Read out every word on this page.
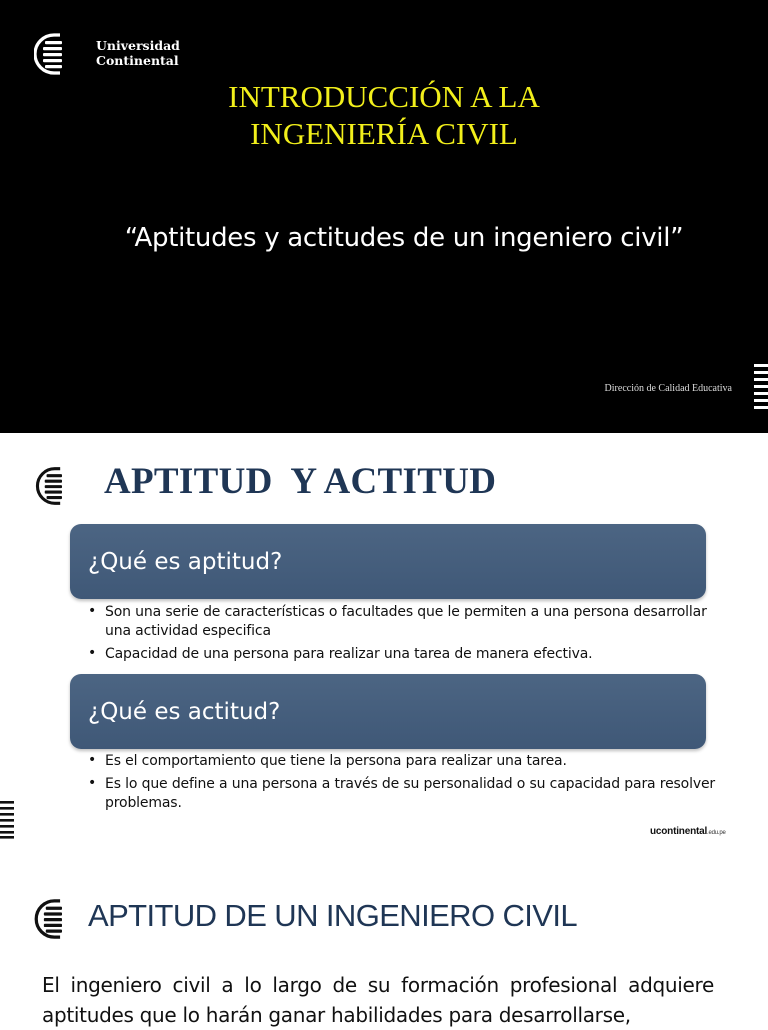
Universidad
Continental
INTRODUCCIÓN A LA
INGENIERÍA CIVIL
“Aptitudes y actitudes de un ingeniero civil”
Dirección de Calidad Educativa
APTITUD  Y ACTITUD
¿Qué es aptitud?
• Son una serie de características o facultades que le permiten a una persona desarrollar una actividad especifica
• Capacidad de una persona para realizar una tarea de manera efectiva.
¿Qué es actitud?
• Es el comportamiento que tiene la persona para realizar una tarea.
• Es lo que define a una persona a través de su personalidad o su capacidad para resolver problemas.
ucontinental.edu.pe
APTITUD DE UN INGENIERO CIVIL
El ingeniero civil a lo largo de su formación profesional adquiere aptitudes que lo harán ganar habilidades para desarrollarse,
